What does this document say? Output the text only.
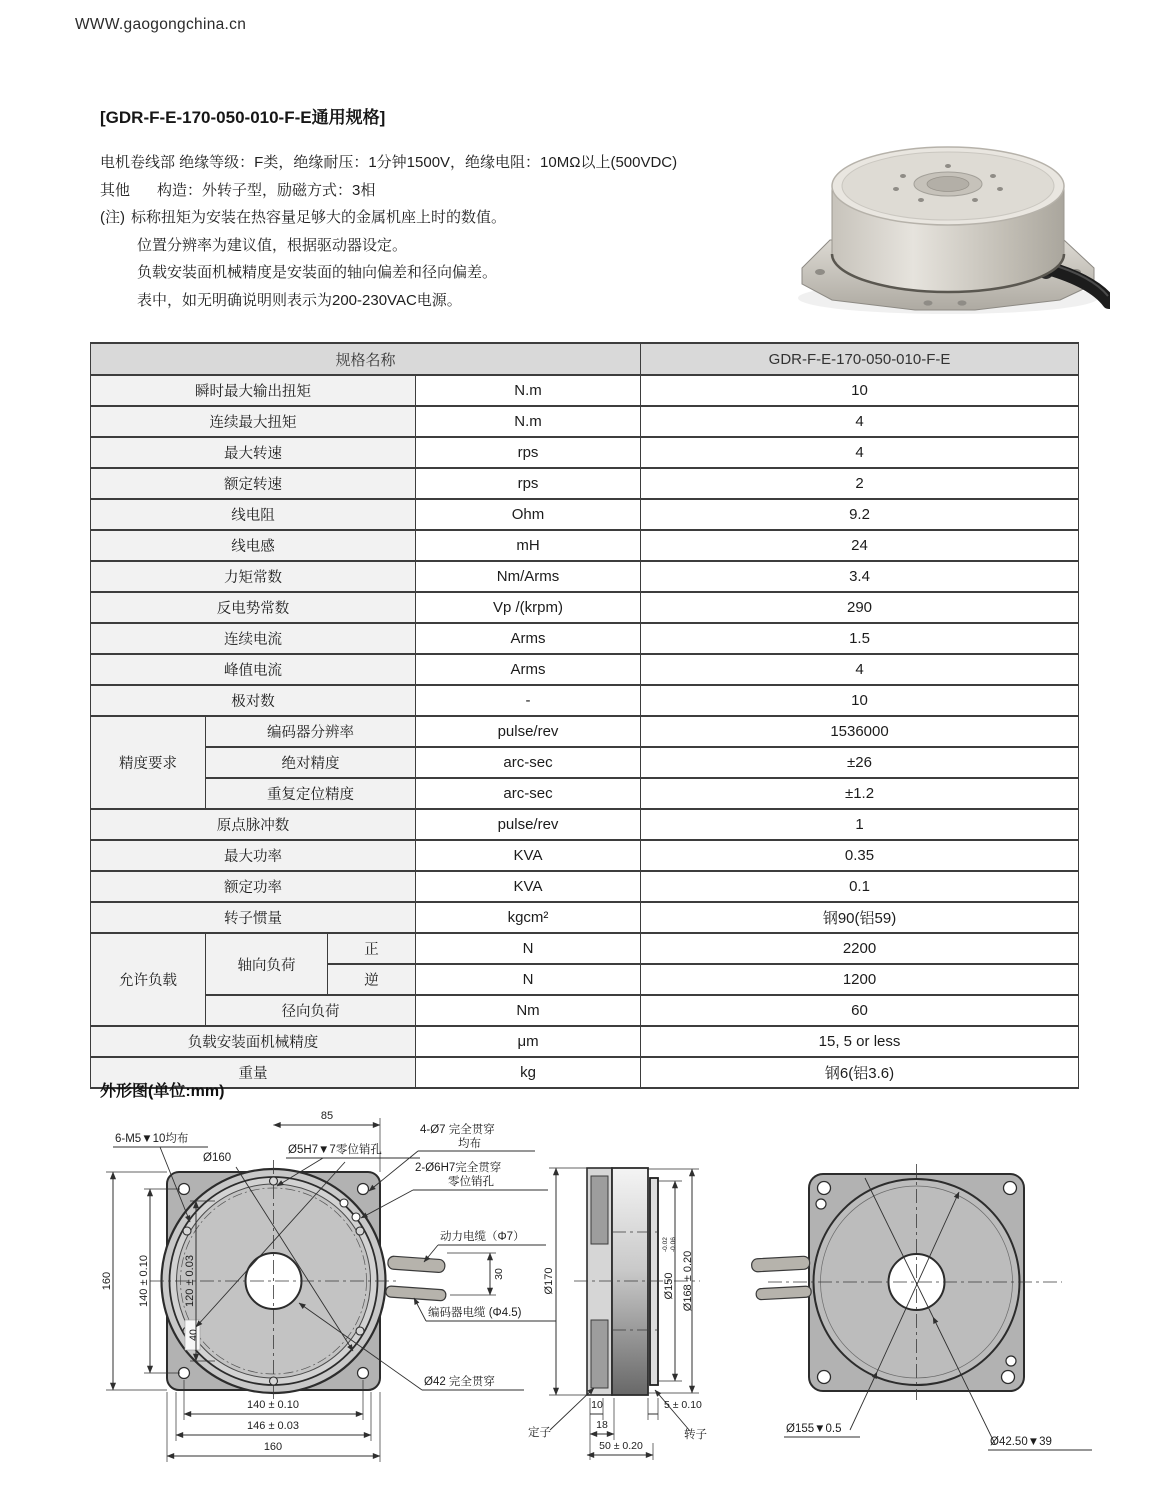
WWW.gaogongchina.cn
[GDR-F-E-170-050-010-F-E通用规格]
电机卷线部 绝缘等级：F类，绝缘耐压：1分钟1500V，绝缘电阻：10MΩ以上(500VDC)
其他 构造：外转子型，励磁方式：3相
(注) 标称扭矩为安装在热容量足够大的金属机座上时的数值。
位置分辨率为建议值，根据驱动器设定。
负载安装面机械精度是安装面的轴向偏差和径向偏差。
表中，如无明确说明则表示为200-230VAC电源。
规格名称				GDR-F-E-170-050-010-F-E
瞬时最大输出扭矩			N.m	10
连续最大扭矩			N.m	4
最大转速			rps	4
额定转速			rps	2
线电阻			Ohm	9.2
线电感			mH	24
力矩常数			Nm/Arms	3.4
反电势常数			Vp /(krpm)	290
连续电流			Arms	1.5
峰值电流			Arms	4
极对数			-	10
精度要求	编码器分辨率		pulse/rev	1536000
	绝对精度		arc-sec	±26
	重复定位精度		arc-sec	±1.2
原点脉冲数			pulse/rev	1
最大功率			KVA	0.35
额定功率			KVA	0.1
转子惯量			kgcm²	钢90(铝59)
允许负载	轴向负荷	正	N	2200
		逆	N	1200
	径向负荷		Nm	60
负载安装面机械精度			μm	15, 5 or less
重量			kg	钢6(铝3.6)
外形图(单位:mm)
40
85
160 140 ± 0.10	120 ± 0.03
140 ± 0.10
146 ± 0.03
160
6-M5▼10均布
Ø160
Ø5H7▼7零位销孔
4-Ø7 完全贯穿
均布
2-Ø6H7完全贯穿
零位销孔
动力电缆（Φ7）
30
编码器电缆 (Φ4.5)
Ø42 完全贯穿
Ø170	Ø150
-0.02 -0.06
Ø168 ± 0.20
10
18
50 ± 0.20
5 ± 0.10
定子	转子	Ø155▼0.5
Ø42.50▼39
